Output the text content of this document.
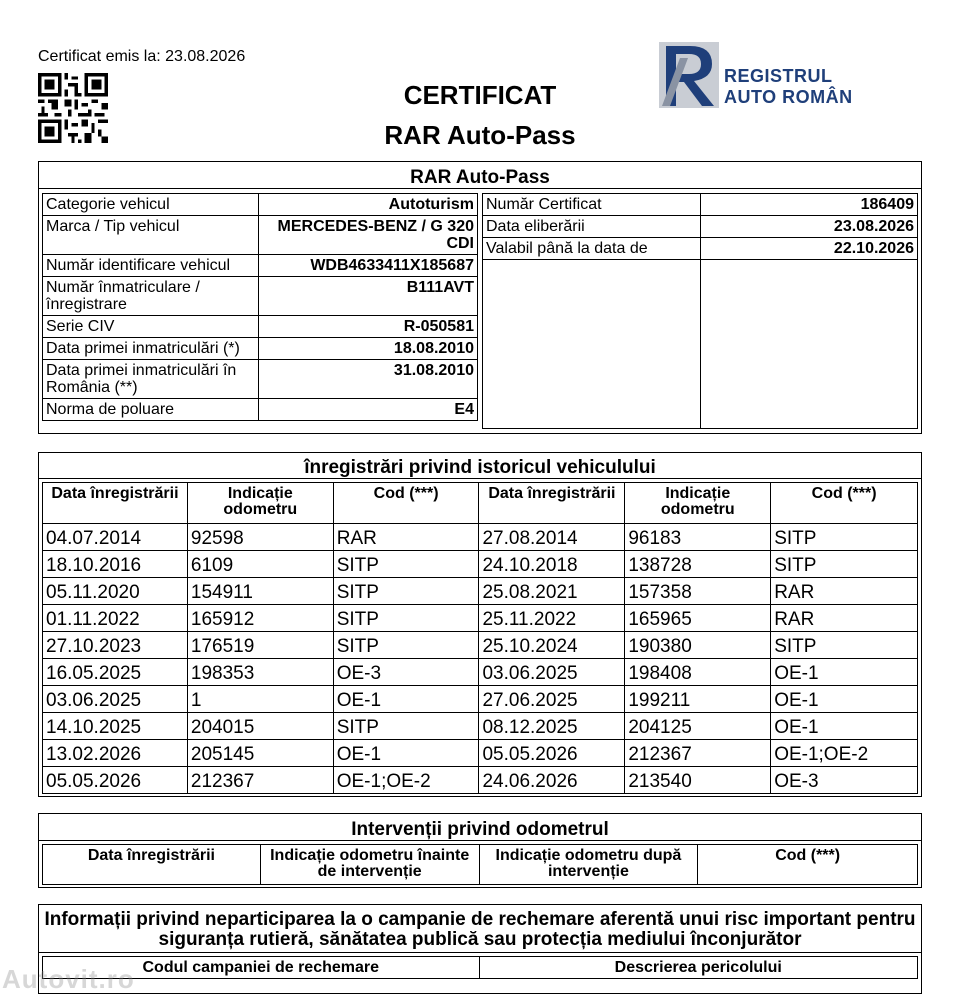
Certificat emis la: 23.08.2026
CERTIFICAT
RAR Auto-Pass
REGISTRUL
AUTO ROMÂN
RAR Auto-Pass
Categorie vehicul	Autoturism
Marca / Tip vehicul	MERCEDES-BENZ / G 320 CDI
Număr identificare vehicul	WDB4633411X185687
Număr înmatriculare / înregistrare	B111AVT
Serie CIV	R-050581
Data primei inmatriculări (*)	18.08.2010
Data primei inmatriculări în România (**)	31.08.2010
Norma de poluare	E4
Număr Certificat	186409
Data eliberării	23.08.2026
Valabil până la data de	22.10.2026

înregistrări privind istoricul vehiculului
Data înregistrării	Indicație odometru	Cod (***)	Data înregistrării	Indicație odometru	Cod (***)
04.07.2014	92598	RAR	27.08.2014	96183	SITP
18.10.2016	6109	SITP	24.10.2018	138728	SITP
05.11.2020	154911	SITP	25.08.2021	157358	RAR
01.11.2022	165912	SITP	25.11.2022	165965	RAR
27.10.2023	176519	SITP	25.10.2024	190380	SITP
16.05.2025	198353	OE-3	03.06.2025	198408	OE-1
03.06.2025	1	OE-1	27.06.2025	199211	OE-1
14.10.2025	204015	SITP	08.12.2025	204125	OE-1
13.02.2026	205145	OE-1	05.05.2026	212367	OE-1;OE-2
05.05.2026	212367	OE-1;OE-2	24.06.2026	213540	OE-3
Intervenții privind odometrul
Data înregistrării	Indicație odometru înainte de intervenție	Indicație odometru după intervenție	Cod (***)
Informații privind neparticiparea la o campanie de rechemare aferentă unui risc important pentru siguranța rutieră, sănătatea publică sau protecția mediului înconjurător
Codul campaniei de rechemare	Descrierea pericolului
Autovit.ro
